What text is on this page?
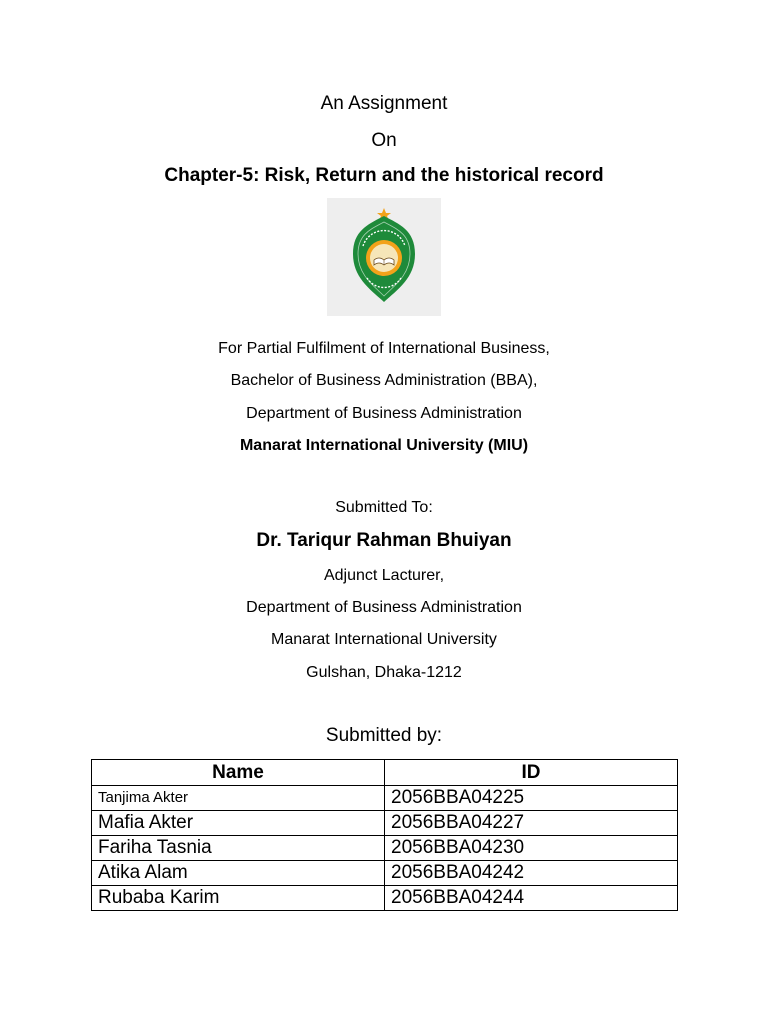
An Assignment
On
Chapter-5: Risk, Return and the historical record
For Partial Fulfilment of International Business,
Bachelor of Business Administration (BBA),
Department of Business Administration
Manarat International University (MIU)
Submitted To:
Dr. Tariqur Rahman Bhuiyan
Adjunct Lacturer,
Department of Business Administration
Manarat International University
Gulshan, Dhaka-1212
Submitted by:
Name	ID
Tanjima Akter	2056BBA04225
Mafia Akter	2056BBA04227
Fariha Tasnia	2056BBA04230
Atika Alam	2056BBA04242
Rubaba Karim	2056BBA04244
